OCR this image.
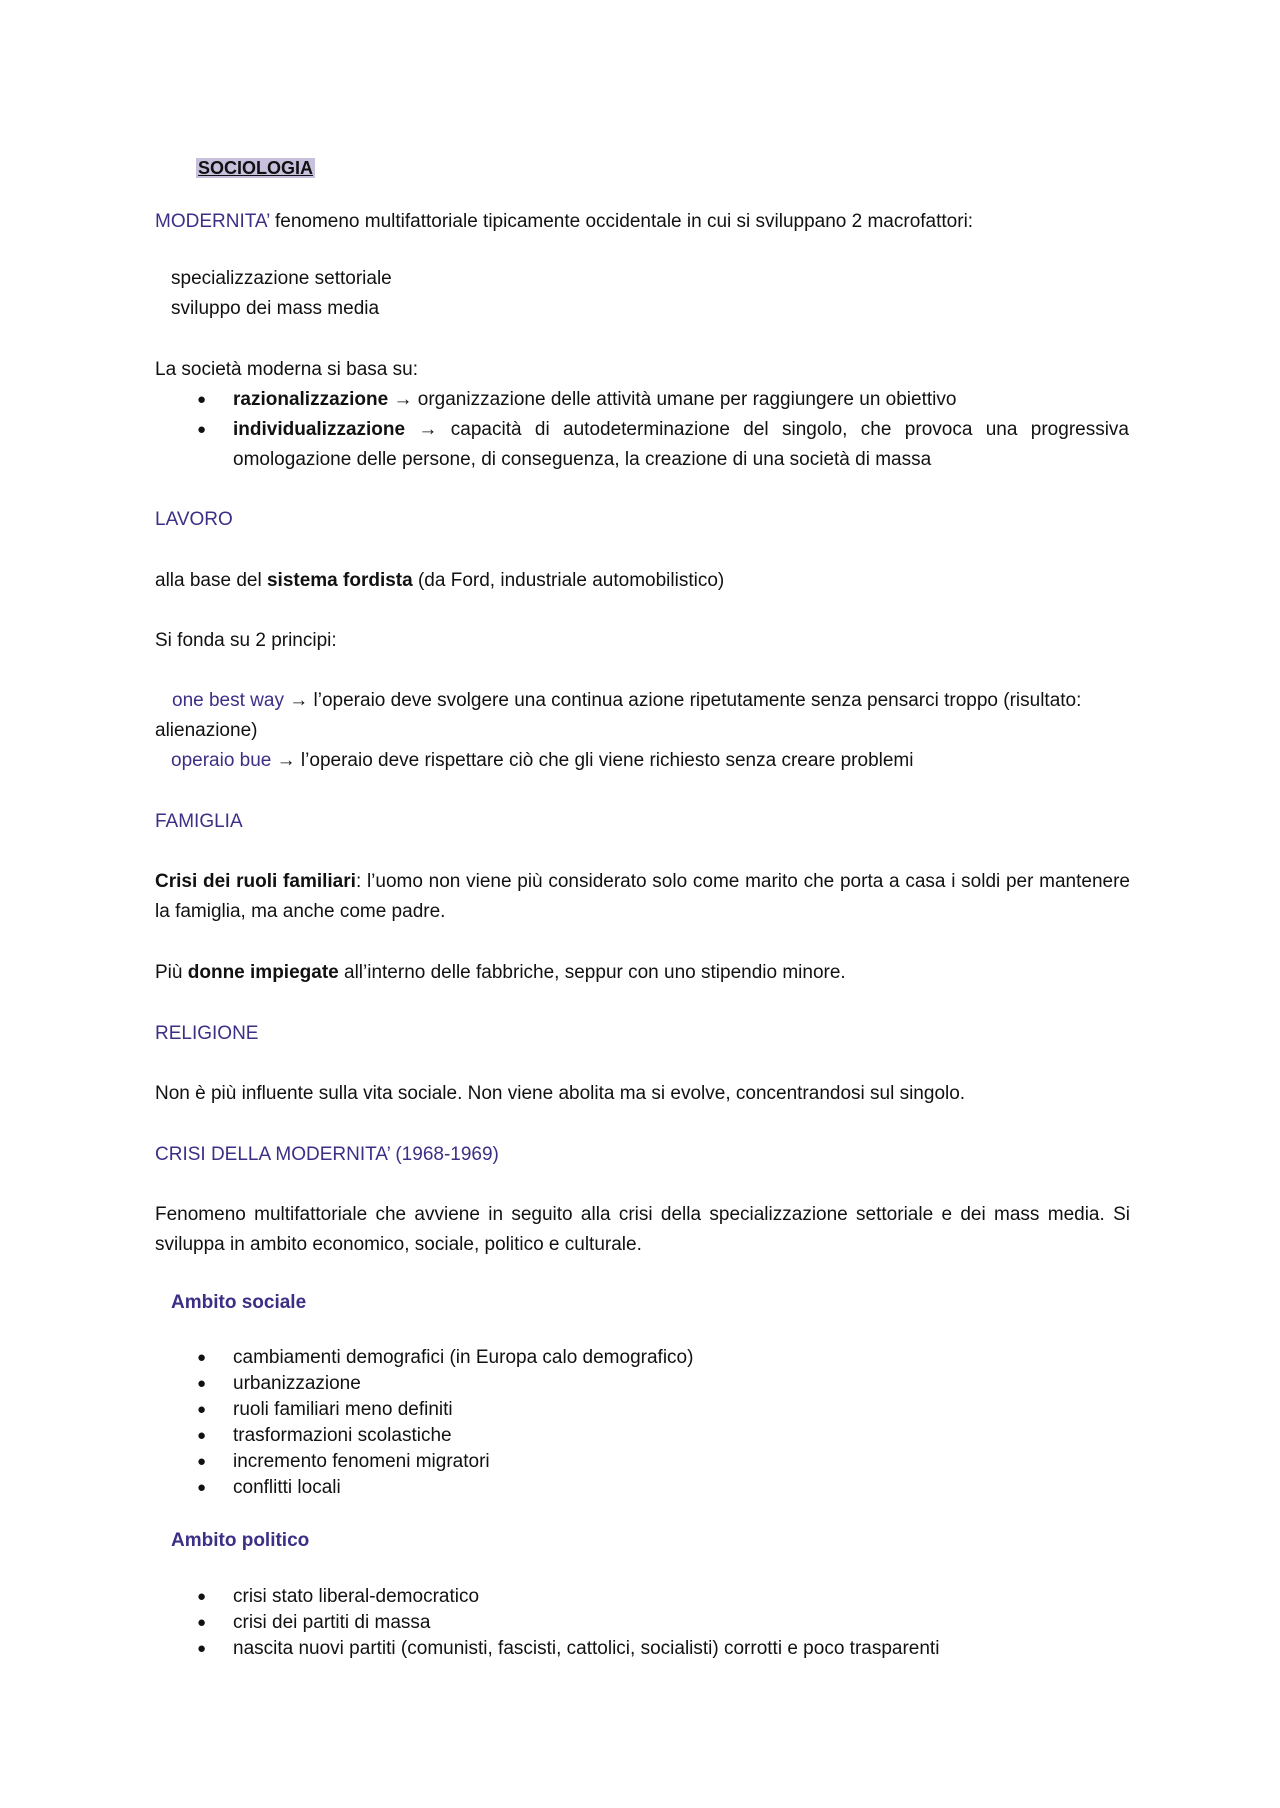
SOCIOLOGIA

MODERNITA’ fenomeno multifattoriale tipicamente occidentale in cui si sviluppano 2 macrofattori:

specializzazione settoriale
sviluppo dei mass media

La società moderna si basa su:

● razionalizzazione → organizzazione delle attività umane per raggiungere un obiettivo
● individualizzazione → capacità di autodeterminazione del singolo, che provoca una progressiva omologazione delle persone, di conseguenza, la creazione di una società di massa

LAVORO

alla base del sistema fordista (da Ford, industriale automobilistico)

Si fonda su 2 principi:

one best way → l’operaio deve svolgere una continua azione ripetutamente senza pensarci troppo (risultato: alienazione)

operaio bue → l’operaio deve rispettare ciò che gli viene richiesto senza creare problemi

FAMIGLIA

Crisi dei ruoli familiari: l’uomo non viene più considerato solo come marito che porta a casa i soldi per mantenere la famiglia, ma anche come padre.

Più donne impiegate all’interno delle fabbriche, seppur con uno stipendio minore.

RELIGIONE

Non è più influente sulla vita sociale. Non viene abolita ma si evolve, concentrandosi sul singolo.

CRISI DELLA MODERNITA’ (1968-1969)

Fenomeno multifattoriale che avviene in seguito alla crisi della specializzazione settoriale e dei mass media. Si sviluppa in ambito economico, sociale, politico e culturale.

Ambito sociale

● cambiamenti demografici (in Europa calo demografico)
● urbanizzazione
● ruoli familiari meno definiti
● trasformazioni scolastiche
● incremento fenomeni migratori
● conflitti locali

Ambito politico

● crisi stato liberal-democratico
● crisi dei partiti di massa
● nascita nuovi partiti (comunisti, fascisti, cattolici, socialisti) corrotti e poco trasparenti
